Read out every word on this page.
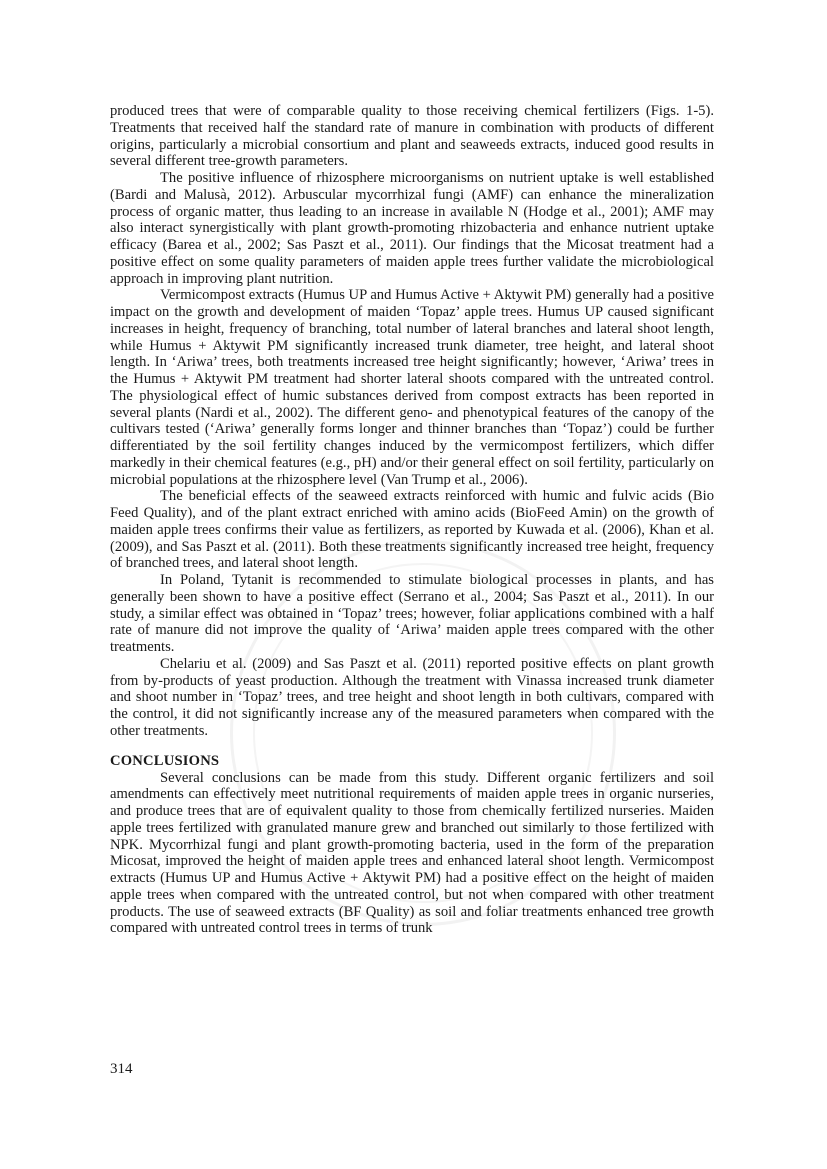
produced trees that were of comparable quality to those receiving chemical fertilizers (Figs. 1-5). Treatments that received half the standard rate of manure in combination with products of different origins, particularly a microbial consortium and plant and seaweeds extracts, induced good results in several different tree-growth parameters.

The positive influence of rhizosphere microorganisms on nutrient uptake is well established (Bardi and Malusà, 2012). Arbuscular mycorrhizal fungi (AMF) can enhance the mineralization process of organic matter, thus leading to an increase in available N (Hodge et al., 2001); AMF may also interact synergistically with plant growth-promoting rhizobacteria and enhance nutrient uptake efficacy (Barea et al., 2002; Sas Paszt et al., 2011). Our findings that the Micosat treatment had a positive effect on some quality parameters of maiden apple trees further validate the microbiological approach in improving plant nutrition.

Vermicompost extracts (Humus UP and Humus Active + Aktywit PM) generally had a positive impact on the growth and development of maiden ‘Topaz’ apple trees. Humus UP caused significant increases in height, frequency of branching, total number of lateral branches and lateral shoot length, while Humus + Aktywit PM significantly increased trunk diameter, tree height, and lateral shoot length. In ‘Ariwa’ trees, both treatments increased tree height significantly; however, ‘Ariwa’ trees in the Humus + Aktywit PM treatment had shorter lateral shoots compared with the untreated control. The physiological effect of humic substances derived from compost extracts has been reported in several plants (Nardi et al., 2002). The different geno- and phenotypical features of the canopy of the cultivars tested (‘Ariwa’ generally forms longer and thinner branches than ‘Topaz’) could be further differentiated by the soil fertility changes induced by the vermicompost fertilizers, which differ markedly in their chemical features (e.g., pH) and/or their general effect on soil fertility, particularly on microbial populations at the rhizosphere level (Van Trump et al., 2006).

The beneficial effects of the seaweed extracts reinforced with humic and fulvic acids (Bio Feed Quality), and of the plant extract enriched with amino acids (BioFeed Amin) on the growth of maiden apple trees confirms their value as fertilizers, as reported by Kuwada et al. (2006), Khan et al. (2009), and Sas Paszt et al. (2011). Both these treatments significantly increased tree height, frequency of branched trees, and lateral shoot length.

In Poland, Tytanit is recommended to stimulate biological processes in plants, and has generally been shown to have a positive effect (Serrano et al., 2004; Sas Paszt et al., 2011). In our study, a similar effect was obtained in ‘Topaz’ trees; however, foliar applications combined with a half rate of manure did not improve the quality of ‘Ariwa’ maiden apple trees compared with the other treatments.

Chelariu et al. (2009) and Sas Paszt et al. (2011) reported positive effects on plant growth from by-products of yeast production. Although the treatment with Vinassa increased trunk diameter and shoot number in ‘Topaz’ trees, and tree height and shoot length in both cultivars, compared with the control, it did not significantly increase any of the measured parameters when compared with the other treatments.

CONCLUSIONS

Several conclusions can be made from this study. Different organic fertilizers and soil amendments can effectively meet nutritional requirements of maiden apple trees in organic nurseries, and produce trees that are of equivalent quality to those from chemically fertilized nurseries. Maiden apple trees fertilized with granulated manure grew and branched out similarly to those fertilized with NPK. Mycorrhizal fungi and plant growth-promoting bacteria, used in the form of the preparation Micosat, improved the height of maiden apple trees and enhanced lateral shoot length. Vermicompost extracts (Humus UP and Humus Active + Aktywit PM) had a positive effect on the height of maiden apple trees when compared with the untreated control, but not when compared with other treatment products. The use of seaweed extracts (BF Quality) as soil and foliar treatments enhanced tree growth compared with untreated control trees in terms of trunk

314
